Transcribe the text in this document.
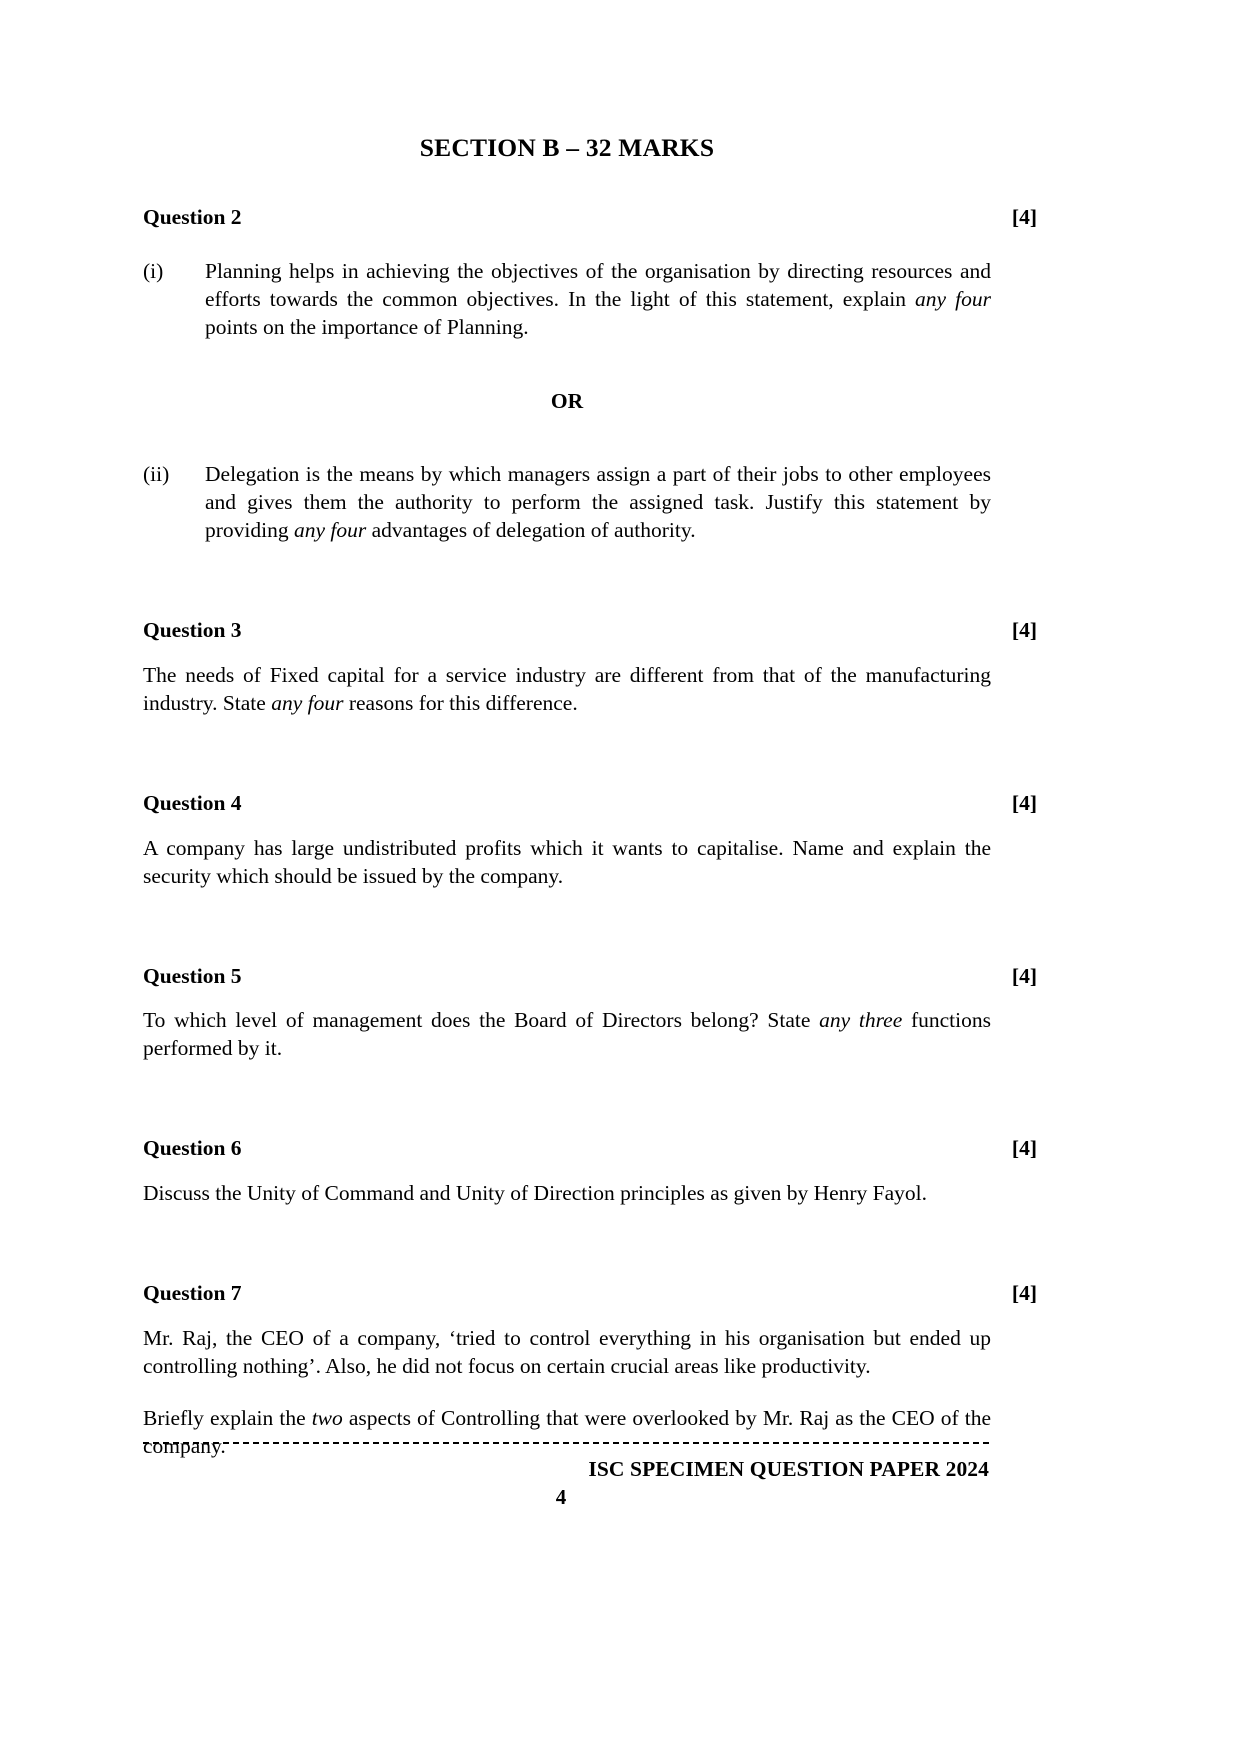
SECTION B – 32 MARKS
Question 2	[4]
(i)	Planning helps in achieving the objectives of the organisation by directing resources and efforts towards the common objectives. In the light of this statement, explain any four points on the importance of Planning.

OR

(ii)	Delegation is the means by which managers assign a part of their jobs to other employees and gives them the authority to perform the assigned task. Justify this statement by providing any four advantages of delegation of authority.
Question 3	[4]

The needs of Fixed capital for a service industry are different from that of the manufacturing industry. State any four reasons for this difference.

Question 4	[4]

A company has large undistributed profits which it wants to capitalise. Name and explain the security which should be issued by the company.

Question 5	[4]

To which level of management does the Board of Directors belong? State any three functions performed by it.

Question 6	[4]

Discuss the Unity of Command and Unity of Direction principles as given by Henry Fayol.

Question 7	[4]

Mr. Raj, the CEO of a company, ‘tried to control everything in his organisation but ended up controlling nothing’. Also, he did not focus on certain crucial areas like productivity.

Briefly explain the two aspects of Controlling that were overlooked by Mr. Raj as the CEO of the company.

ISC SPECIMEN QUESTION PAPER 2024

4
